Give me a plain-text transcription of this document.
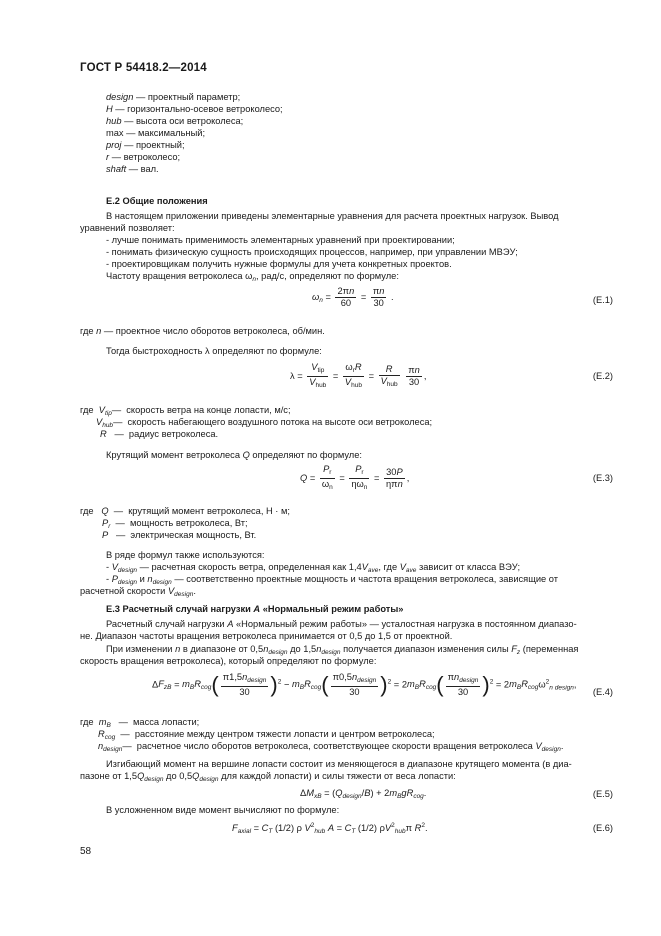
ГОСТ Р 54418.2—2014
design — проектный параметр;
H — горизонтально-осевое ветроколесо;
hub — высота оси ветроколеса;
max — максимальный;
proj — проектный;
r — ветроколесо;
shaft — вал.
Е.2 Общие положения
В настоящем приложении приведены элементарные уравнения для расчета проектных нагрузок. Вывод
уравнений позволяет:
- лучше понимать применимость элементарных уравнений при проектировании;
- понимать физическую сущность происходящих процессов, например, при управлении МВЭУ;
- проектировщикам получить нужные формулы для учета конкретных проектов.
Частоту вращения ветроколеса $\omega_n$, рад/с, определяют по формуле:
$\omega_n = \frac{2\pi n}{60} = \frac{\pi n}{30}$ .	(Е.1)
где n — проектное число оборотов ветроколеса, об/мин.
Тогда быстроходность λ определяют по формуле:
$\lambda = \frac{V_{tip}}{V_{hub}} = \frac{\omega_rR}{V_{hub}} = \frac{R}{V_{hub}}$
$\frac{\pi n}{30}$ ,	(Е.2)
где  $V_{tip}—$  скорость ветра на конце лопасти, м/с;
$V_{hub}—$  скорость набегающего воздушного потока на высоте оси ветроколеса;
R   —  радиус ветроколеса.
Крутящий момент ветроколеса Q определяют по формуле:
$Q = \frac{P_r}{\omega_n} = \frac{P_r}{\eta\omega_n} = \frac{30P}{\text{ηπn}}$ ,	(Е.3)
где   Q  —  крутящий момент ветроколеса, Н · м;
$P_r$  —  мощность ветроколеса, Вт;
P   —  электрическая мощность, Вт.
В ряде формул также используются:
- $V_{design}$ — расчетная скорость ветра, определенная как $1,4V_{ave}$, где $V_{ave}$ зависит от класса ВЭУ;
- $P_{design}$ и $n_{design}$ — соответственно проектные мощность и частота вращения ветроколеса, зависящие от
расчетной скорости $V_{design}$.
Е.3 Расчетный случай нагрузки A «Нормальный режим работы»
Расчетный случай нагрузки A «Нормальный режим работы» — усталостная нагрузка в постоянном диапазо-
не. Диапазон частоты вращения ветроколеса принимается от 0,5 до 1,5 от проектной.
При изменении n в диапазоне от $0,5n_{design}$ до $1,5n_{design}$ получается диапазон изменения силы $F_z$ (переменная
скорость вращения ветроколеса), который определяют по формуле:
$\Delta F_{zB} = m_BR_{cog}( \frac{\pi 1,5n_{design}}{30} )^2 - m_BR_{cog}( \frac{\pi 0,5n_{design}}{30} )^2 = 2m_BR_{cog}( \frac{\pi n_{design}}{30} )^2 = 2m_BR_{cog}\omega^2_{n design}$,
(Е.4)
где  $m_B$   —  масса лопасти;
$R_{cog}$  —  расстояние между центром тяжести лопасти и центром ветроколеса;
$n_{design}—$  расчетное число оборотов ветроколеса, соответствующее скорости вращения ветроколеса $V_{design}$.
Изгибающий момент на вершине лопасти состоит из меняющегося в диапазоне крутящего момента (в диа-
пазоне от $1,5Q_{design}$ до $0,5Q_{design}$ для каждой лопасти) и силы тяжести от веса лопасти:
$\Delta M_{xB} = (Q_{design}/B) + 2m_BgR_{cog}$.	(Е.5)
В усложненном виде момент вычисляют по формуле:
$F_{axial} = C_T$ (1/2) ρ $V^2_{hub}$ $A = C_T$ (1/2) $\rho V^2_{hub}\pi$ $R^2$.	(Е.6)
58
